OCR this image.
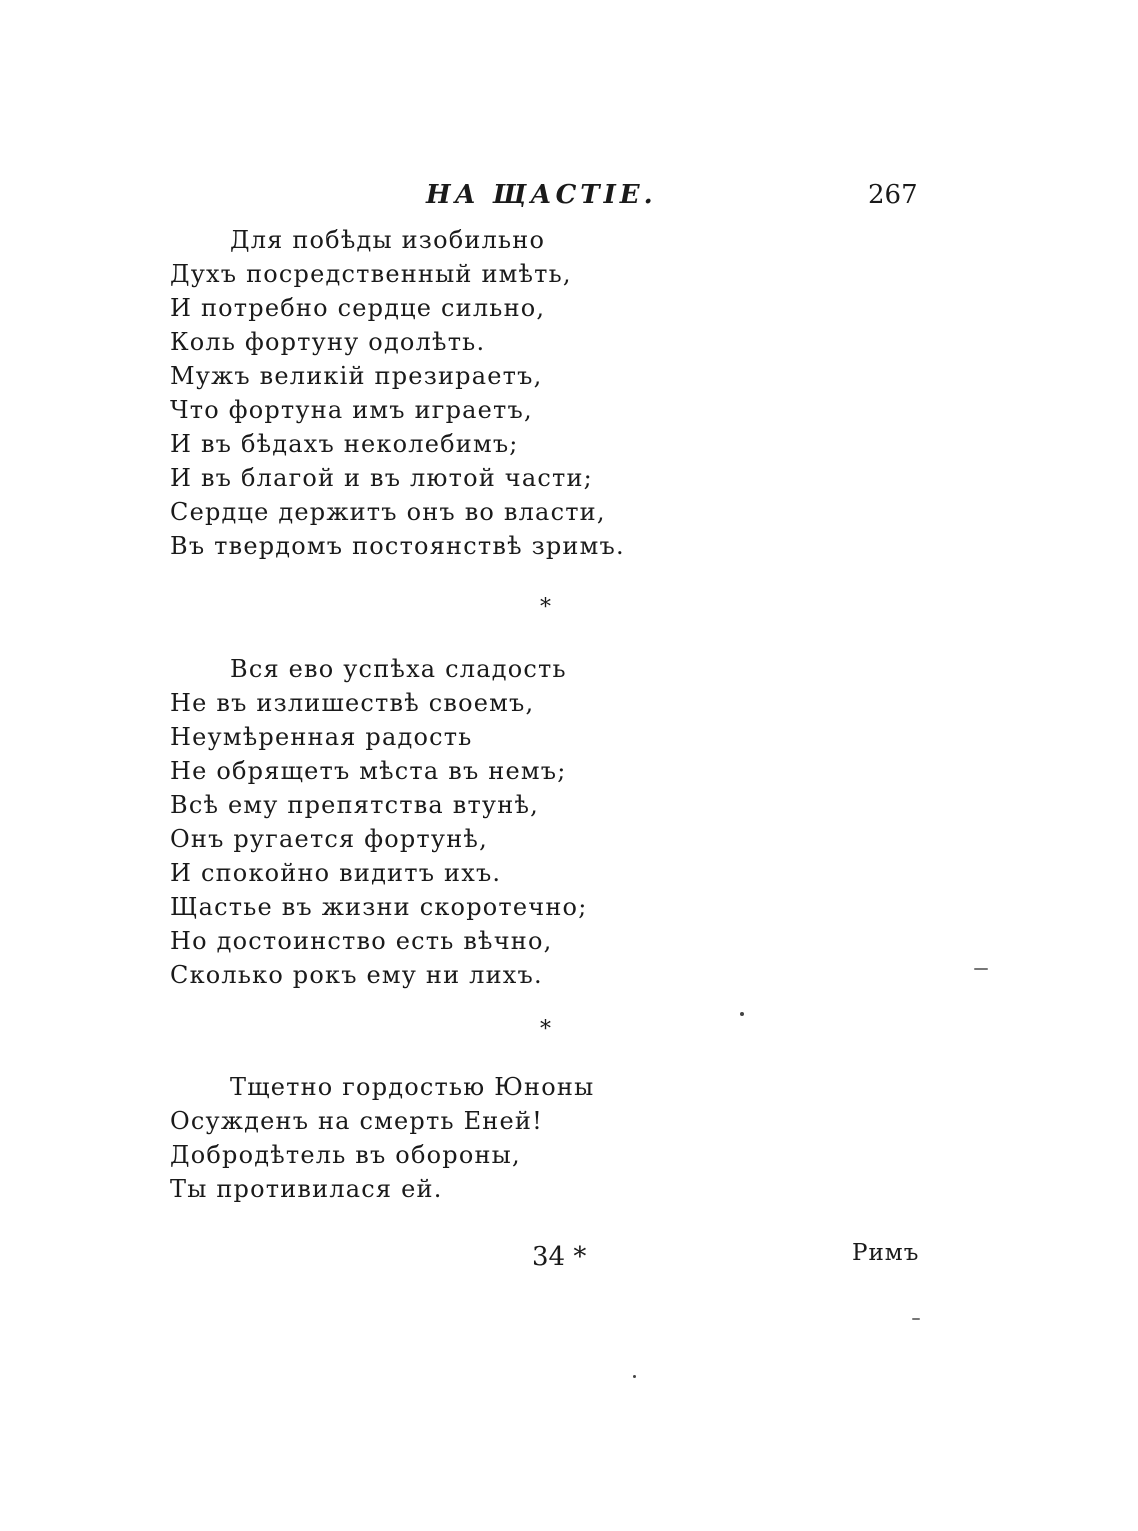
НА ЩАСТІЕ.	267
Для побѣды изобильно
Духъ посредственный имѣть,
И потребно сердце сильно,
Коль фортуну одолѣть.
Мужъ великій презираетъ,
Что фортуна имъ играетъ,
И въ бѣдахъ неколебимъ;
И въ благой и въ лютой части;
Сердце держитъ онъ во власти,
Въ твердомъ постоянствѣ зримъ.
*
Вся ево успѣха сладость
Не въ излишествѣ своемъ,
Неумѣренная радость
Не обрящетъ мѣста въ немъ;
Всѣ ему препятства втунѣ,
Онъ ругается фортунѣ,
И спокойно видитъ ихъ.
Щастье въ жизни скоротечно;
Но достоинство есть вѣчно,
Сколько рокъ ему ни лихъ.
*
Тщетно гордостью Юноны
Осужденъ на смерть Еней!
Добродѣтель въ обороны,
Ты противилася ей.
34 *	Римъ
